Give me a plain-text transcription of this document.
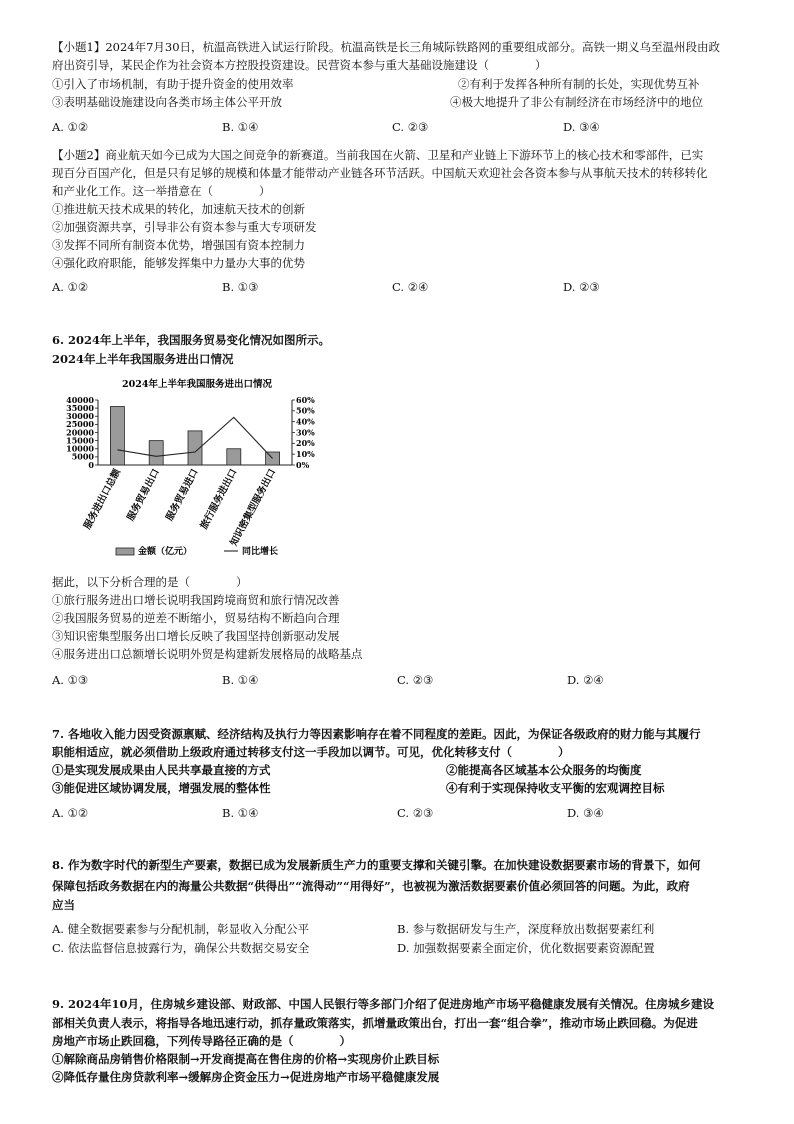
【小题1】2024年7月30日，杭温高铁进入试运行阶段。杭温高铁是长三角城际铁路网的重要组成部分。高铁一期义乌至温州段由政
府出资引导，某民企作为社会资本方控股投资建设。民营资本参与重大基础设施建设（　　　　）
①引入了市场机制，有助于提升资金的使用效率	②有利于发挥各种所有制的长处，实现优势互补
③表明基础设施建设向各类市场主体公平开放	④极大地提升了非公有制经济在市场经济中的地位
A. ①②	B. ①④	C. ②③	D. ③④
【小题2】商业航天如今已成为大国之间竞争的新赛道。当前我国在火箭、卫星和产业链上下游环节上的核心技术和零部件，已实
现百分百国产化，但是只有足够的规模和体量才能带动产业链各环节活跃。中国航天欢迎社会各资本参与从事航天技术的转移转化
和产业化工作。这一举措意在（　　　　）
①推进航天技术成果的转化，加速航天技术的创新
②加强资源共享，引导非公有资本参与重大专项研发
③发挥不同所有制资本优势，增强国有资本控制力
④强化政府职能，能够发挥集中力量办大事的优势
A. ①②	B. ①③	C. ②④	D. ②③
6. 2024年上半年，我国服务贸易变化情况如图所示。
2024年上半年我国服务进出口情况
2024年上半年我国服务进出口情况
40000
35000
30000
25000
20000
15000
10000
5000
0
60%
50%
40%
30%
20%
10%
0%
服务进出口总额 服务贸易出口 服务贸易进口
旅行服务进出口
知识密集型服务出口
金额（亿元）	同比增长
据此，以下分析合理的是（　　　　）
①旅行服务进出口增长说明我国跨境商贸和旅行情况改善
②我国服务贸易的逆差不断缩小，贸易结构不断趋向合理
③知识密集型服务出口增长反映了我国坚持创新驱动发展
④服务进出口总额增长说明外贸是构建新发展格局的战略基点
A. ①③	B. ①④	C. ②③	D. ②④
7. 各地收入能力因受资源禀赋、经济结构及执行力等因素影响存在着不同程度的差距。因此，为保证各级政府的财力能与其履行
职能相适应，就必须借助上级政府通过转移支付这一手段加以调节。可见，优化转移支付（　　　　）
①是实现发展成果由人民共享最直接的方式	②能提高各区域基本公众服务的均衡度
③能促进区域协调发展，增强发展的整体性	④有利于实现保持收支平衡的宏观调控目标
A. ①②	B. ①④	C. ②③	D. ③④
8. 作为数字时代的新型生产要素，数据已成为发展新质生产力的重要支撑和关键引擎。在加快建设数据要素市场的背景下，如何
保障包括政务数据在内的海量公共数据“供得出”“流得动”“用得好”，也被视为激活数据要素价值必须回答的问题。为此，政府
应当
A. 健全数据要素参与分配机制，彰显收入分配公平	B. 参与数据研发与生产，深度释放出数据要素红利
C. 依法监督信息披露行为，确保公共数据交易安全	D. 加强数据要素全面定价，优化数据要素资源配置
9. 2024年10月，住房城乡建设部、财政部、中国人民银行等多部门介绍了促进房地产市场平稳健康发展有关情况。住房城乡建设
部相关负责人表示，将指导各地迅速行动，抓存量政策落实，抓增量政策出台，打出一套“组合拳”，推动市场止跌回稳。为促进
房地产市场止跌回稳，下列传导路径正确的是（　　　　）
①解除商品房销售价格限制→开发商提高在售住房的价格→实现房价止跌目标
②降低存量住房贷款利率→缓解房企资金压力→促进房地产市场平稳健康发展
